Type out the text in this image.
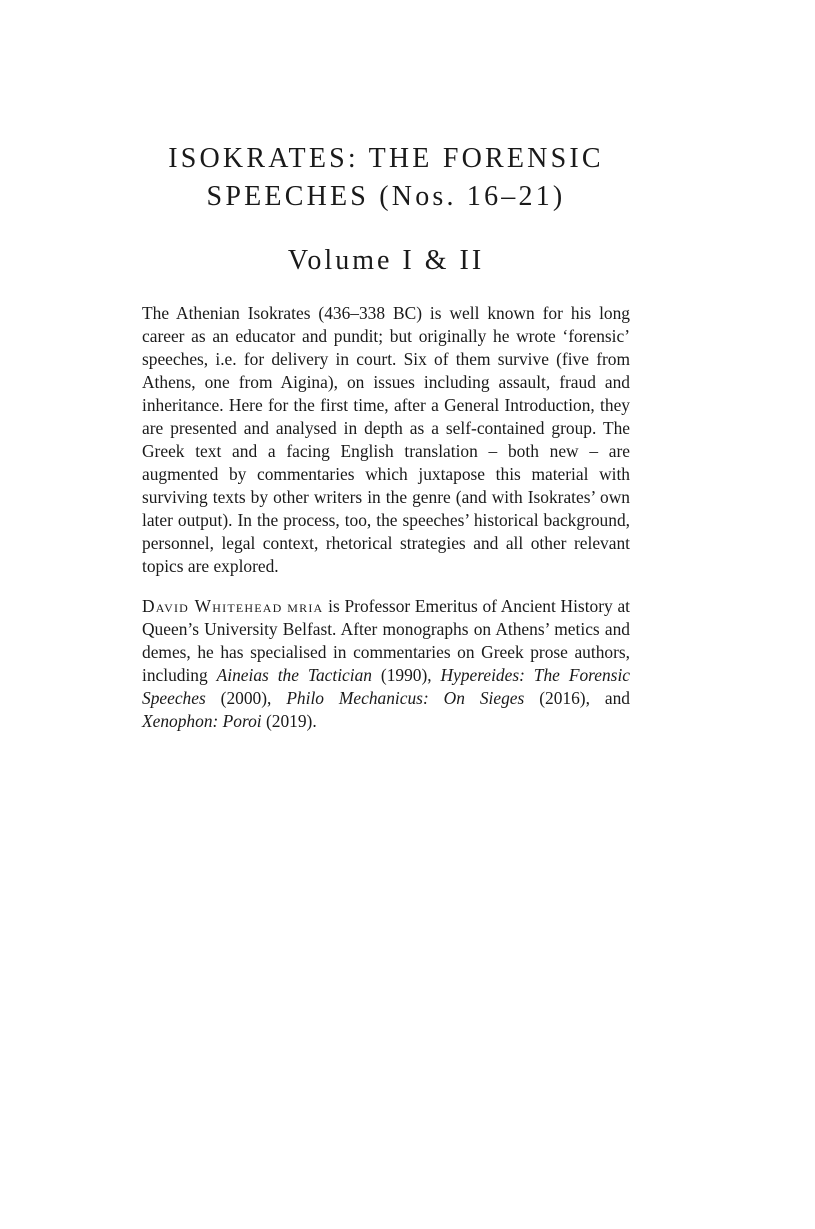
ISOKRATES: THE FORENSIC
SPEECHES (Nos. 16–21)
Volume I & II

The Athenian Isokrates (436–338 BC) is well known for his long career as an educator and pundit; but originally he wrote ‘forensic’ speeches, i.e. for delivery in court. Six of them survive (five from Athens, one from Aigina), on issues including assault, fraud and inheritance. Here for the first time, after a General Introduction, they are presented and analysed in depth as a self-contained group. The Greek text and a facing English translation – both new – are augmented by commentaries which juxtapose this material with surviving texts by other writers in the genre (and with Isokrates’ own later output). In the process, too, the speeches’ historical background, personnel, legal context, rhetorical strategies and all other relevant topics are explored.

David Whitehead mria is Professor Emeritus of Ancient History at Queen’s University Belfast. After monographs on Athens’ metics and demes, he has specialised in commentaries on Greek prose authors, including Aineias the Tactician (1990), Hypereides: The Forensic Speeches (2000), Philo Mechanicus: On Sieges (2016), and Xenophon: Poroi (2019).
